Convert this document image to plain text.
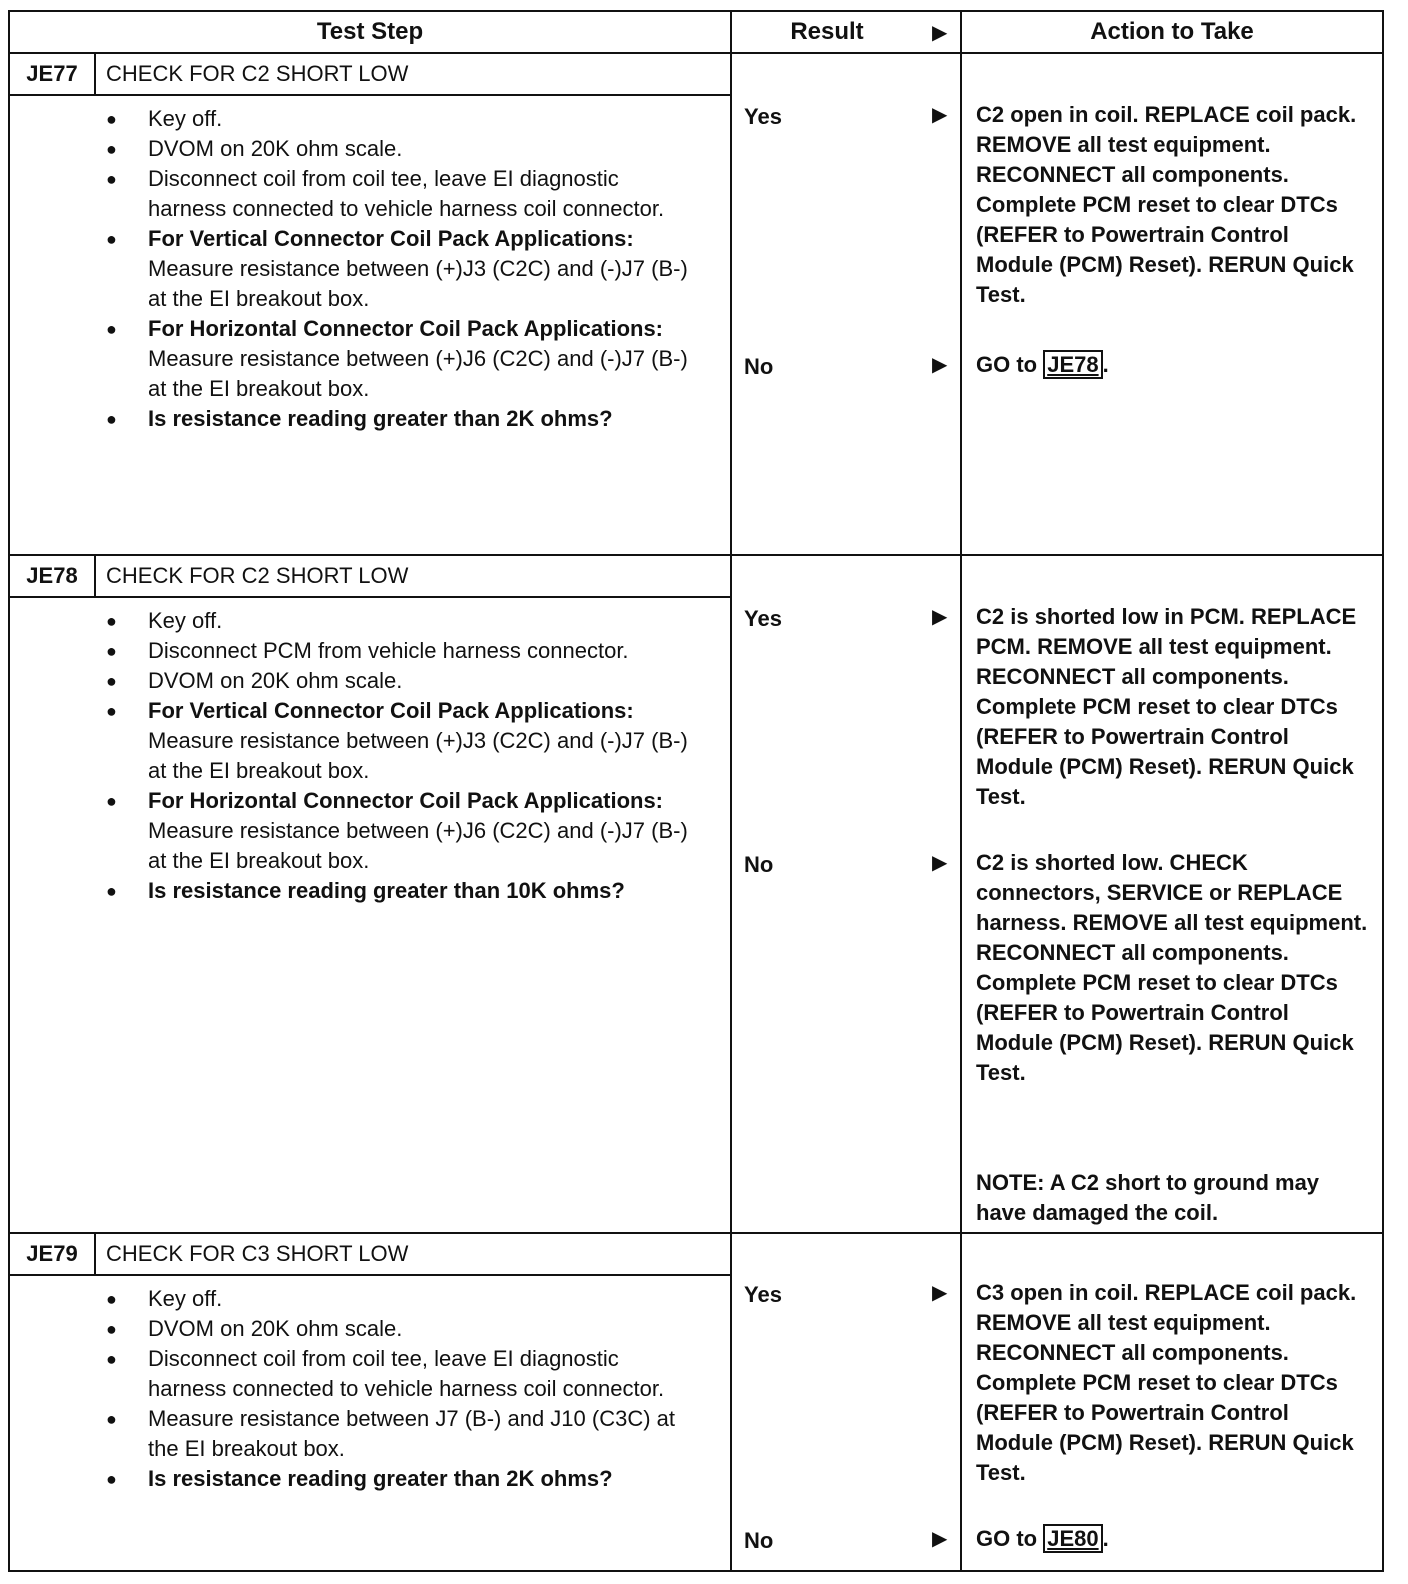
Test Step	Result	▶	Action to Take
JE77	CHECK FOR C2 SHORT LOW
● Key off.
● DVOM on 20K ohm scale.
● Disconnect coil from coil tee, leave EI diagnostic harness connected to vehicle harness coil connector.
● For Vertical Connector Coil Pack Applications: Measure resistance between (+)J3 (C2C) and (-)J7 (B-) at the EI breakout box.
● For Horizontal Connector Coil Pack Applications: Measure resistance between (+)J6 (C2C) and (-)J7 (B-) at the EI breakout box.
● Is resistance reading greater than 2K ohms?
Yes	▶ C2 open in coil. REPLACE coil pack. REMOVE all test equipment. RECONNECT all components. Complete PCM reset to clear DTCs (REFER to Powertrain Control Module (PCM) Reset). RERUN Quick Test.
No	▶ GO to JE78 .
JE78	CHECK FOR C2 SHORT LOW
● Key off.
● Disconnect PCM from vehicle harness connector.
● DVOM on 20K ohm scale.
● For Vertical Connector Coil Pack Applications: Measure resistance between (+)J3 (C2C) and (-)J7 (B-) at the EI breakout box.
● For Horizontal Connector Coil Pack Applications: Measure resistance between (+)J6 (C2C) and (-)J7 (B-) at the EI breakout box.
● Is resistance reading greater than 10K ohms?
Yes	▶ C2 is shorted low in PCM. REPLACE PCM. REMOVE all test equipment. RECONNECT all components. Complete PCM reset to clear DTCs (REFER to Powertrain Control Module (PCM) Reset). RERUN Quick Test.
No	▶ C2 is shorted low. CHECK connectors, SERVICE or REPLACE harness. REMOVE all test equipment. RECONNECT all components. Complete PCM reset to clear DTCs (REFER to Powertrain Control Module (PCM) Reset). RERUN Quick Test.
NOTE: A C2 short to ground may have damaged the coil.
JE79	CHECK FOR C3 SHORT LOW
● Key off.
● DVOM on 20K ohm scale.
● Disconnect coil from coil tee, leave EI diagnostic harness connected to vehicle harness coil connector.
● Measure resistance between J7 (B-) and J10 (C3C) at the EI breakout box.
● Is resistance reading greater than 2K ohms?
Yes	▶ C3 open in coil. REPLACE coil pack. REMOVE all test equipment. RECONNECT all components. Complete PCM reset to clear DTCs (REFER to Powertrain Control Module (PCM) Reset). RERUN Quick Test.
No	▶ GO to JE80 .
